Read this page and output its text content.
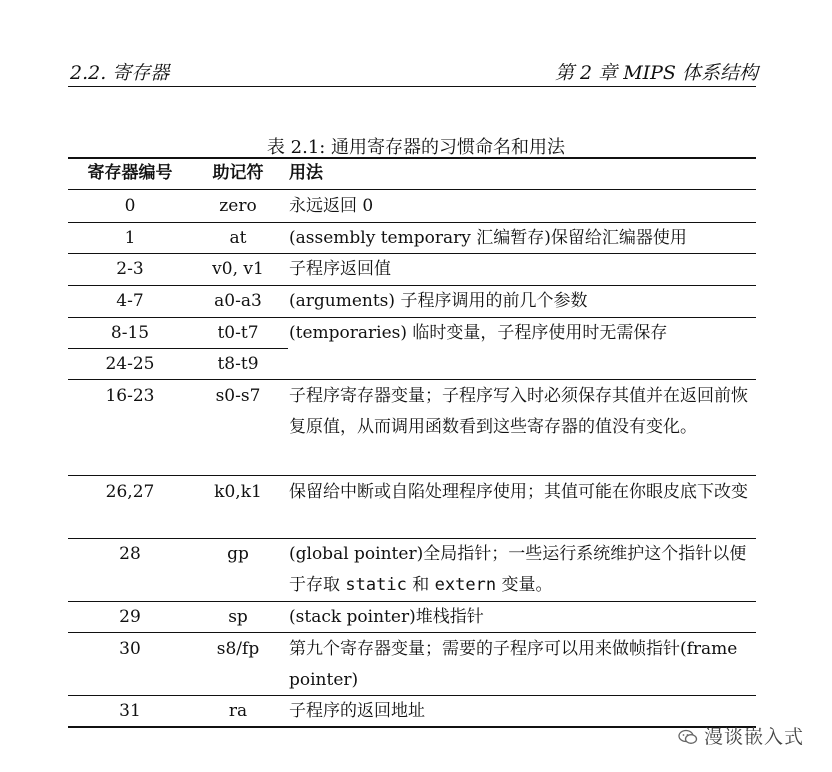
2.2. 寄存器	第 2 章 MIPS 体系结构
表 2.1: 通用寄存器的习惯命名和用法
寄存器编号	助记符	用法
0	zero	永远返回 0
1	at	(assembly temporary 汇编暂存)保留给汇编器使用
2-3	v0, v1	子程序返回值
4-7	a0-a3	(arguments) 子程序调用的前几个参数
8-15	t0-t7	(temporaries) 临时变量，子程序使用时无需保存
24-25	t8-t9
16-23	s0-s7	子程序寄存器变量；子程序写入时必须保存其值并在返回前恢复原值，从而调用函数看到这些寄存器的值没有变化。
26,27	k0,k1	保留给中断或自陷处理程序使用；其值可能在你眼皮底下改变
28	gp	(global pointer)全局指针；一些运行系统维护这个指针以便于存取 static 和 extern 变量。
29	sp	(stack pointer)堆栈指针
30	s8/fp	第九个寄存器变量；需要的子程序可以用来做帧指针(frame pointer)
31	ra	子程序的返回地址
漫谈嵌入式
